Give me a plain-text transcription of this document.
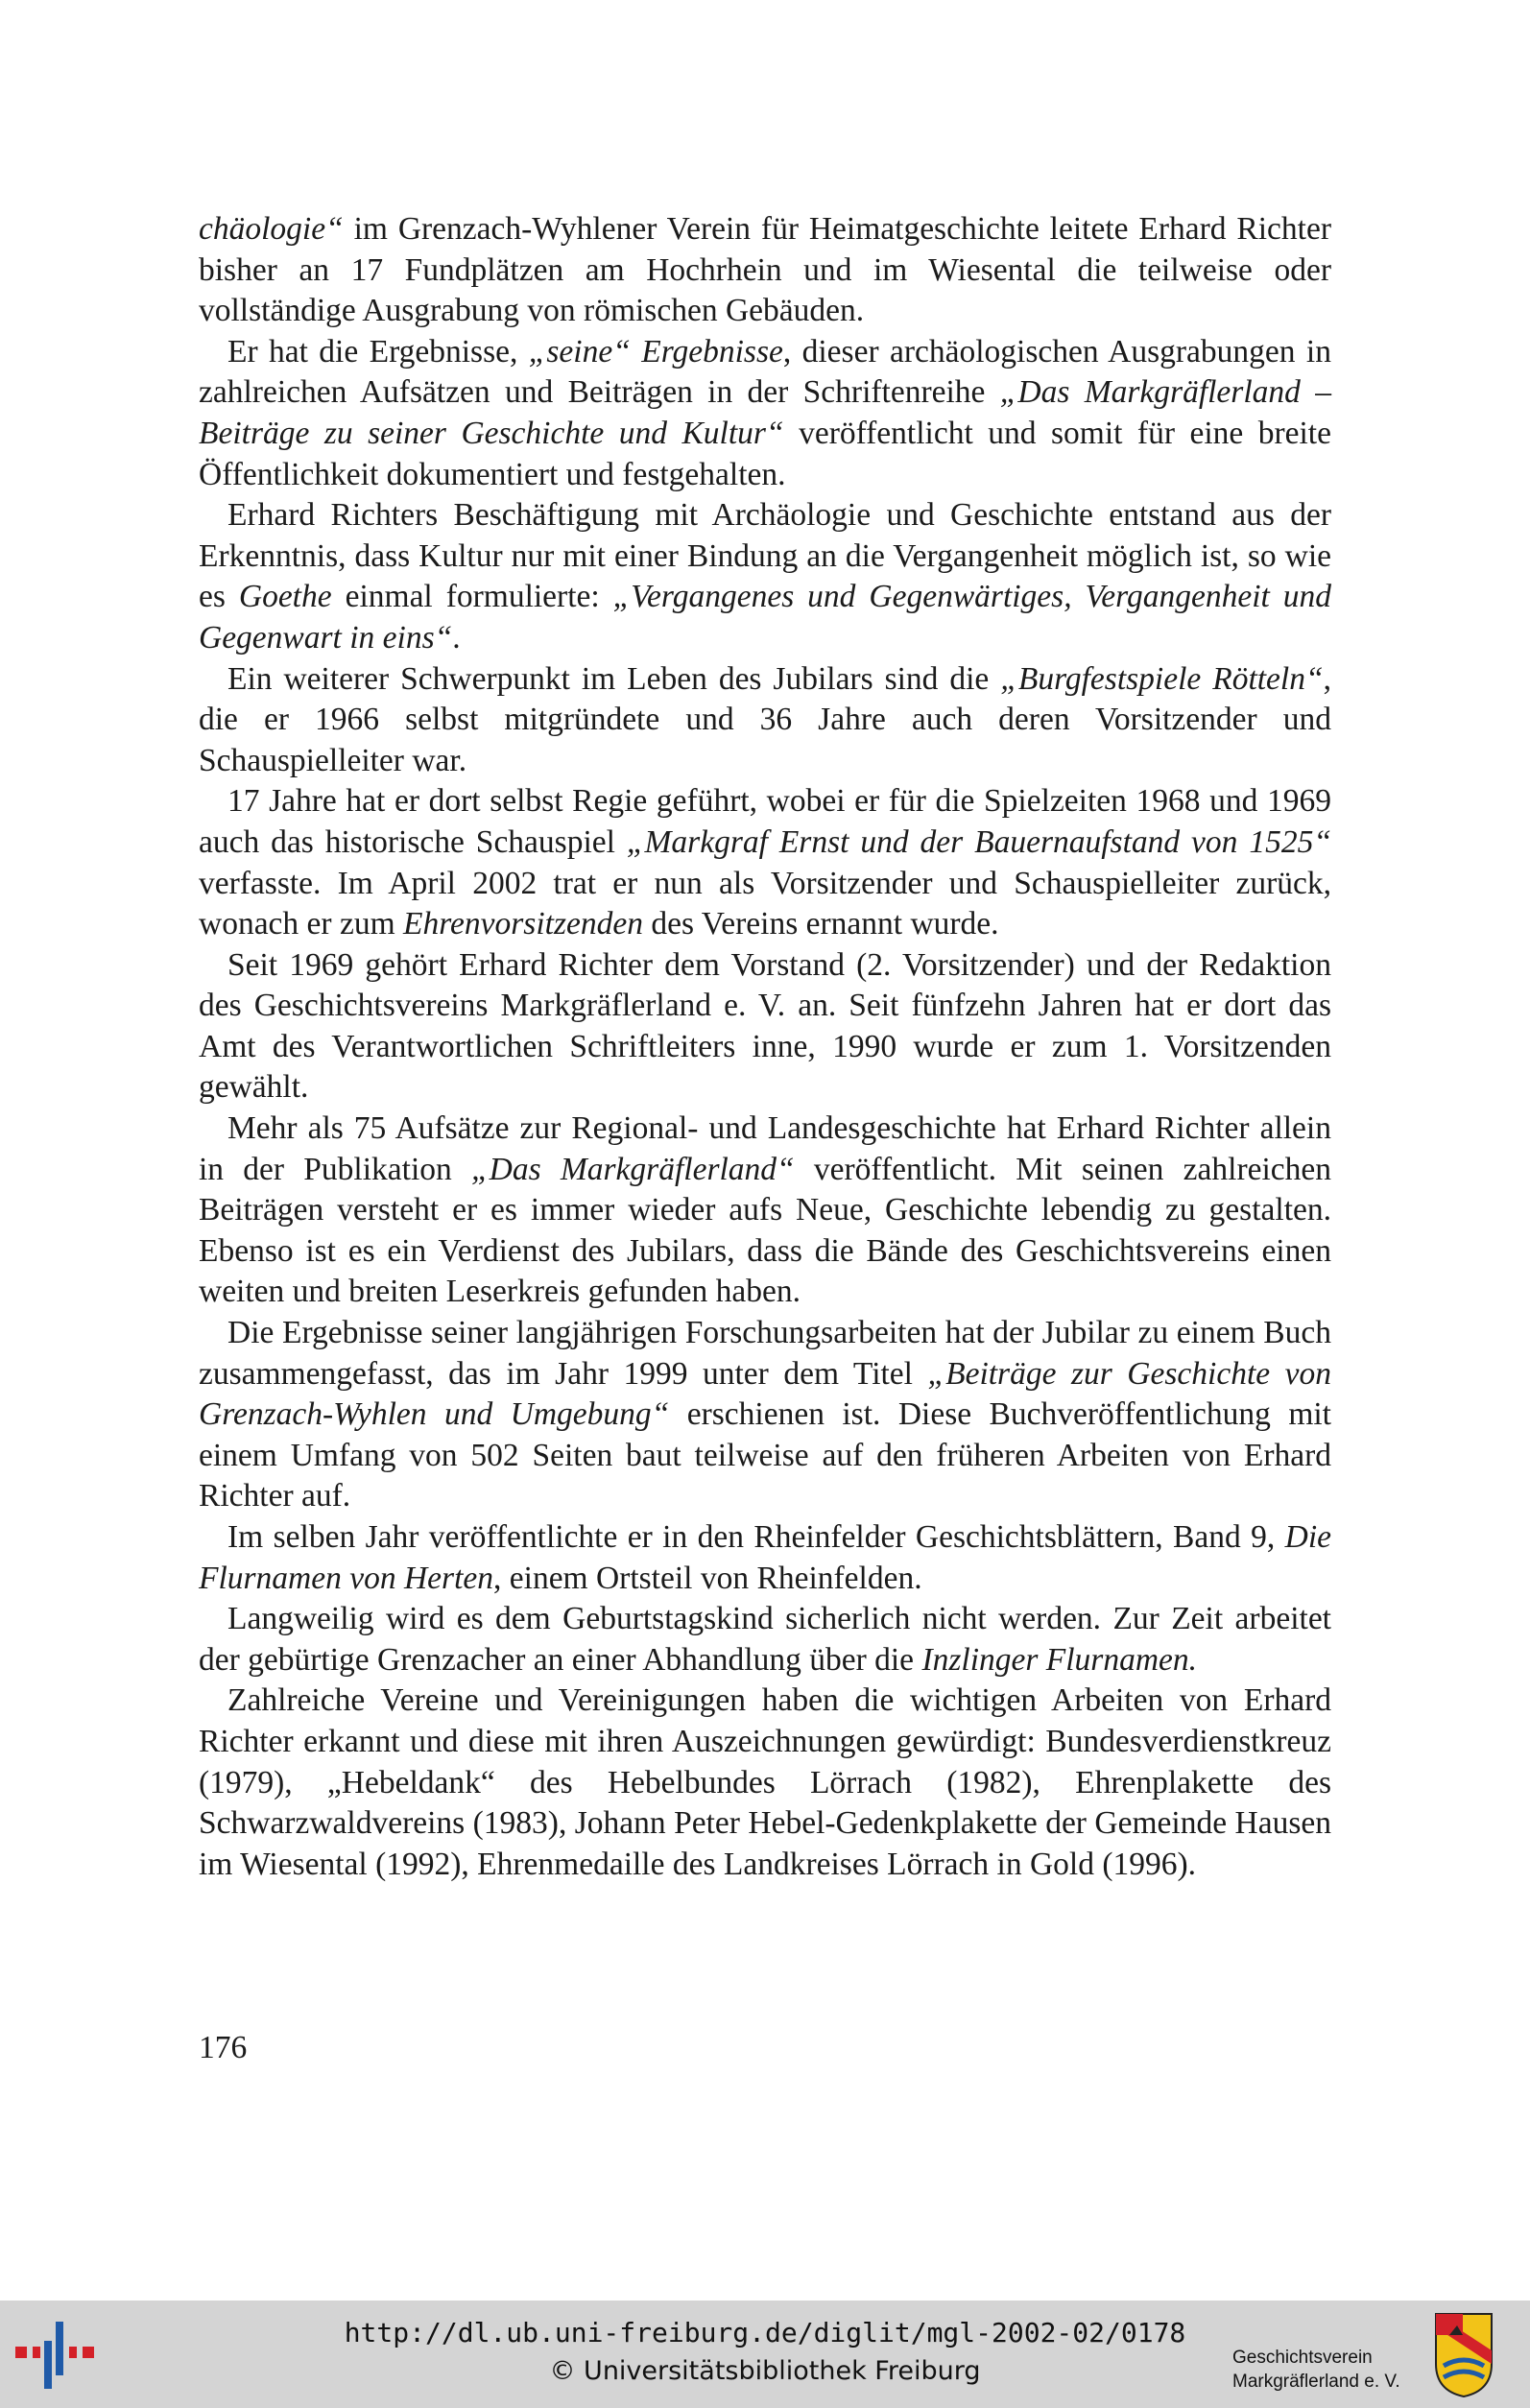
chäologie“ im Grenzach-Wyhlener Verein für Heimatgeschichte leitete Erhard Richter bisher an 17 Fundplätzen am Hochrhein und im Wiesental die teilweise oder vollständige Ausgrabung von römischen Gebäuden.

Er hat die Ergebnisse, „seine“ Ergebnisse, dieser archäologischen Ausgrabungen in zahlreichen Aufsätzen und Beiträgen in der Schriftenreihe „Das Markgräflerland – Beiträge zu seiner Geschichte und Kultur“ veröffentlicht und somit für eine breite Öffentlichkeit dokumentiert und festgehalten.

Erhard Richters Beschäftigung mit Archäologie und Geschichte entstand aus der Erkenntnis, dass Kultur nur mit einer Bindung an die Vergangenheit möglich ist, so wie es Goethe einmal formulierte: „Vergangenes und Gegenwärtiges, Vergangenheit und Gegenwart in eins“.

Ein weiterer Schwerpunkt im Leben des Jubilars sind die „Burgfestspiele Rötteln“, die er 1966 selbst mitgründete und 36 Jahre auch deren Vorsitzender und Schauspielleiter war.

17 Jahre hat er dort selbst Regie geführt, wobei er für die Spielzeiten 1968 und 1969 auch das historische Schauspiel „Markgraf Ernst und der Bauernaufstand von 1525“ verfasste. Im April 2002 trat er nun als Vorsitzender und Schauspielleiter zurück, wonach er zum Ehrenvorsitzenden des Vereins ernannt wurde.

Seit 1969 gehört Erhard Richter dem Vorstand (2. Vorsitzender) und der Redaktion des Geschichtsvereins Markgräflerland e. V. an. Seit fünfzehn Jahren hat er dort das Amt des Verantwortlichen Schriftleiters inne, 1990 wurde er zum 1. Vorsitzenden gewählt.

Mehr als 75 Aufsätze zur Regional- und Landesgeschichte hat Erhard Richter allein in der Publikation „Das Markgräflerland“ veröffentlicht. Mit seinen zahlreichen Beiträgen versteht er es immer wieder aufs Neue, Geschichte lebendig zu gestalten. Ebenso ist es ein Verdienst des Jubilars, dass die Bände des Geschichtsvereins einen weiten und breiten Leserkreis gefunden haben.

Die Ergebnisse seiner langjährigen Forschungsarbeiten hat der Jubilar zu einem Buch zusammengefasst, das im Jahr 1999 unter dem Titel „Beiträge zur Geschichte von Grenzach-Wyhlen und Umgebung“ erschienen ist. Diese Buchveröffentlichung mit einem Umfang von 502 Seiten baut teilweise auf den früheren Arbeiten von Erhard Richter auf.

Im selben Jahr veröffentlichte er in den Rheinfelder Geschichtsblättern, Band 9, Die Flurnamen von Herten, einem Ortsteil von Rheinfelden.

Langweilig wird es dem Geburtstagskind sicherlich nicht werden. Zur Zeit arbeitet der gebürtige Grenzacher an einer Abhandlung über die Inzlinger Flurnamen.

Zahlreiche Vereine und Vereinigungen haben die wichtigen Arbeiten von Erhard Richter erkannt und diese mit ihren Auszeichnungen gewürdigt: Bundesverdienstkreuz (1979), „Hebeldank“ des Hebelbundes Lörrach (1982), Ehrenplakette des Schwarzwaldvereins (1983), Johann Peter Hebel-Gedenkplakette der Gemeinde Hausen im Wiesental (1992), Ehrenmedaille des Landkreises Lörrach in Gold (1996).

176
http://dl.ub.uni-freiburg.de/diglit/mgl-2002-02/0178
© Universitätsbibliothek Freiburg	Geschichtsverein
Markgräflerland e. V.
